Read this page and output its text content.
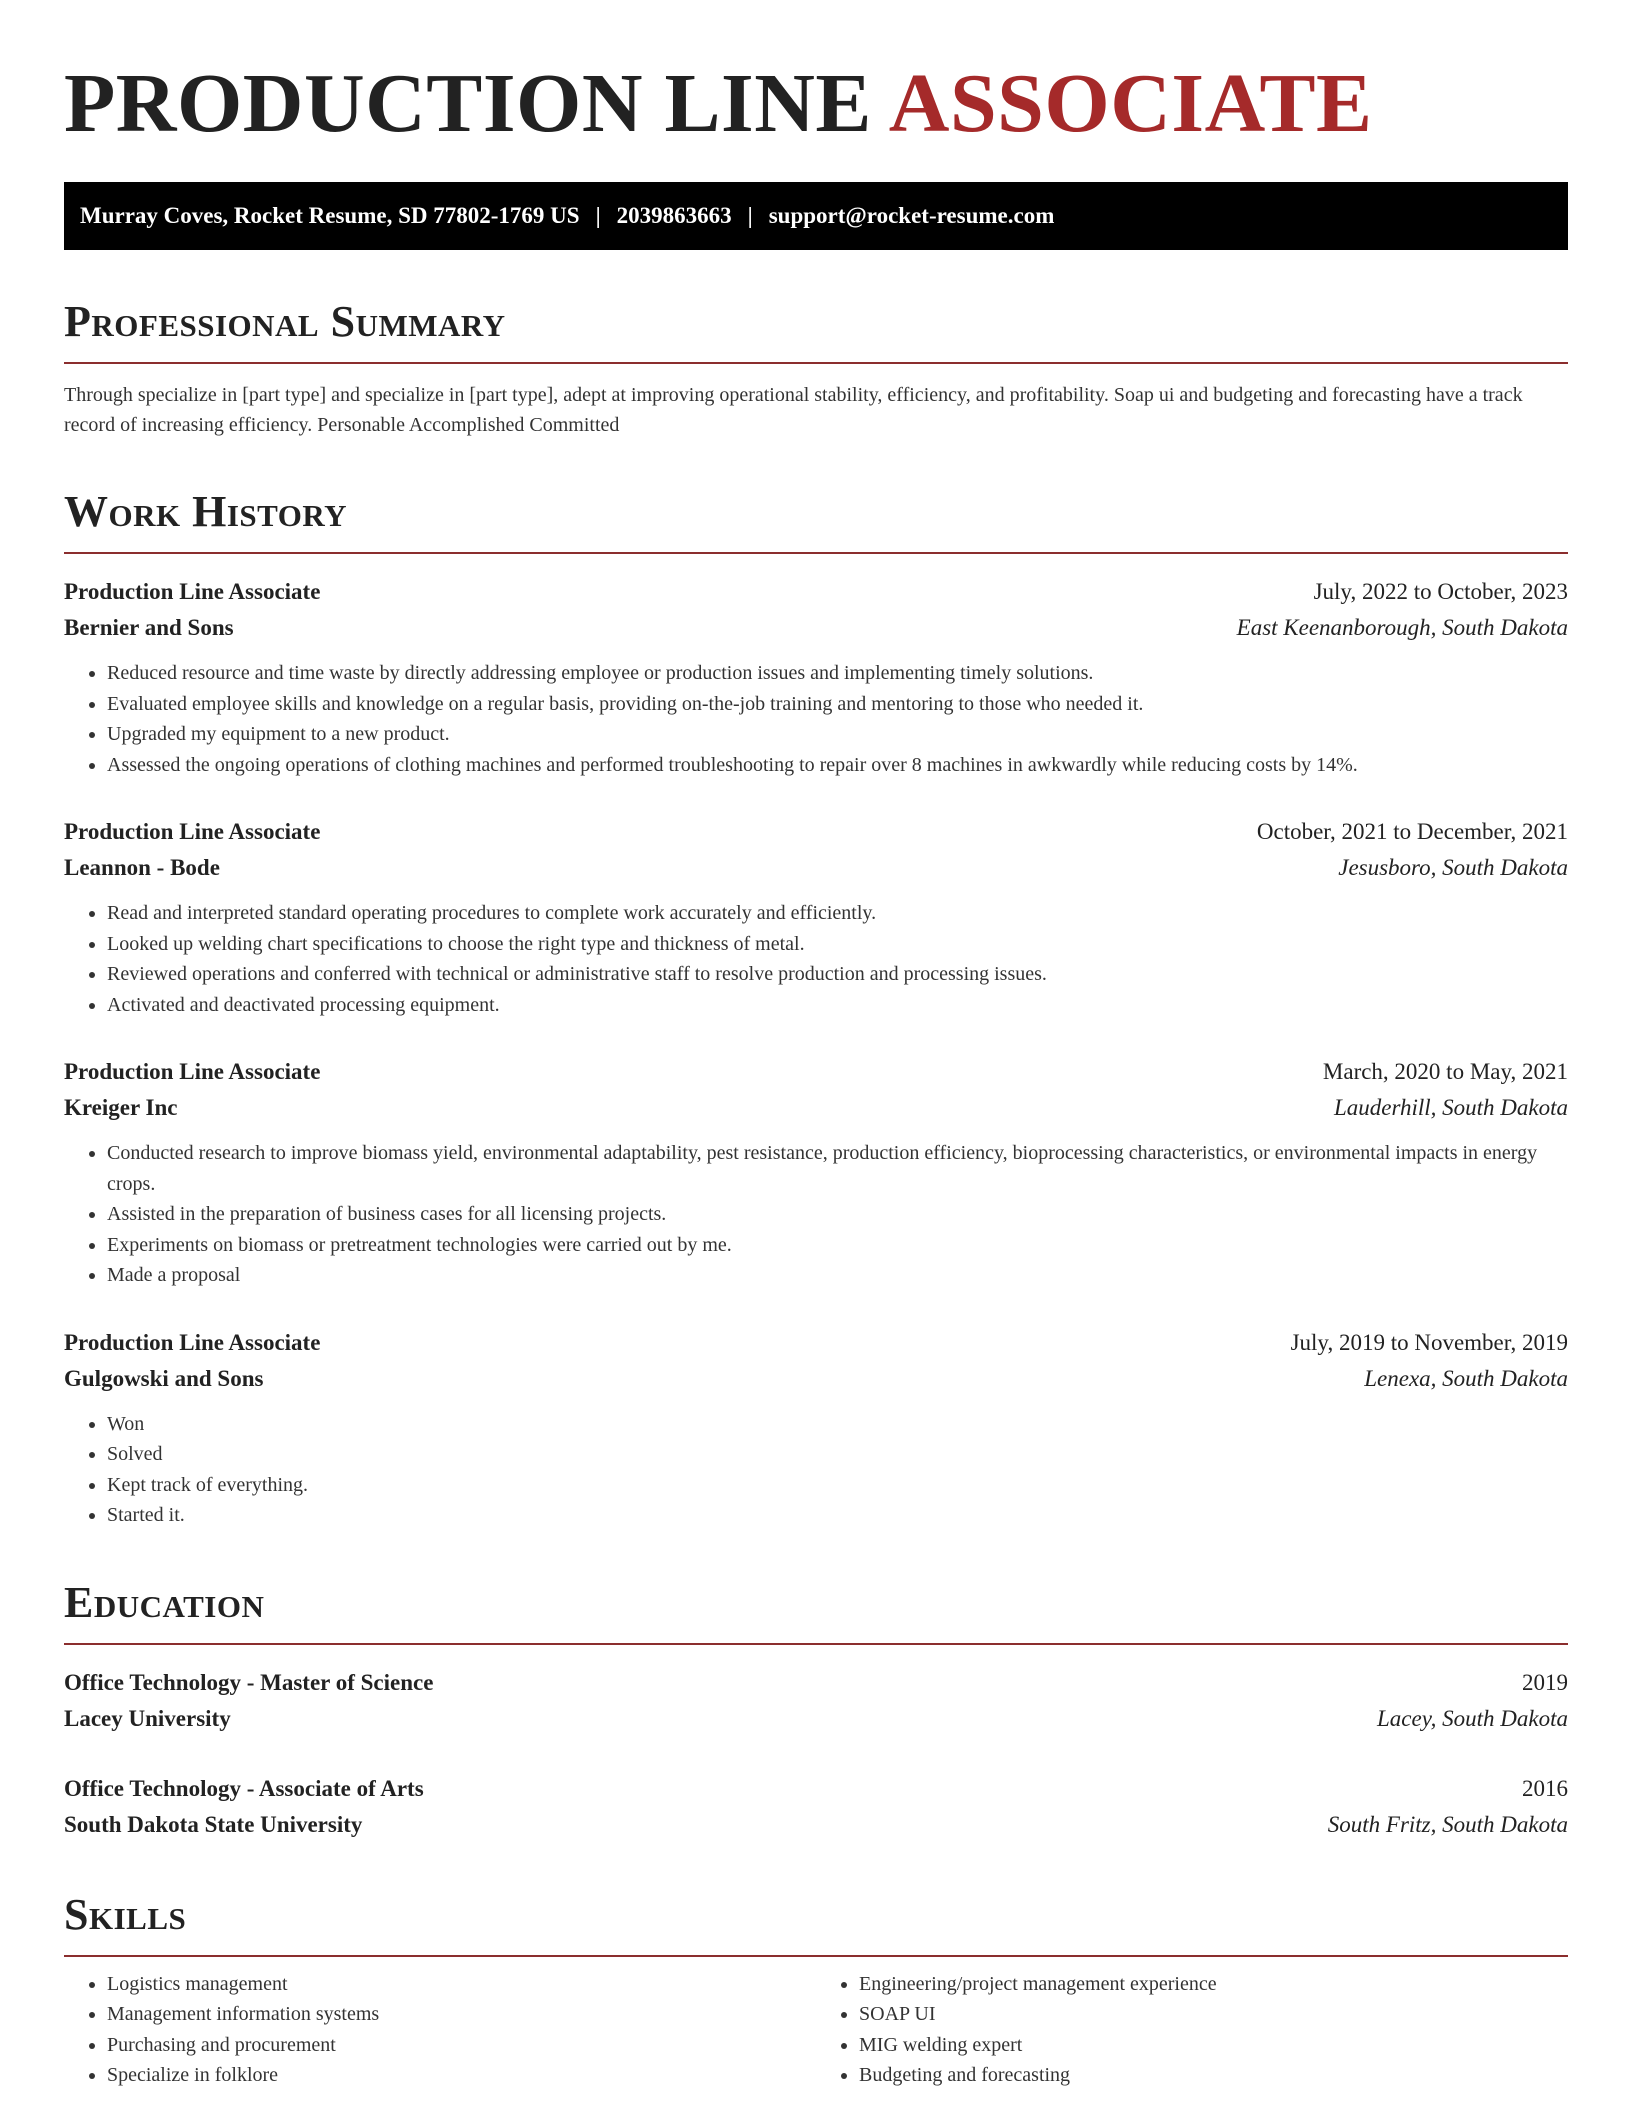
PRODUCTION LINE ASSOCIATE
Murray Coves, Rocket Resume, SD 77802-1769 US | 2039863663 | support@rocket-resume.com
Professional Summary

Through specialize in [part type] and specialize in [part type], adept at improving operational stability, efficiency, and profitability. Soap ui and budgeting and forecasting have a track record of increasing efficiency. Personable Accomplished Committed

Work History
Production Line Associate	July, 2022 to October, 2023
Bernier and Sons	East Keenanborough, South Dakota
• Reduced resource and time waste by directly addressing employee or production issues and implementing timely solutions.
• Evaluated employee skills and knowledge on a regular basis, providing on-the-job training and mentoring to those who needed it.
• Upgraded my equipment to a new product.
• Assessed the ongoing operations of clothing machines and performed troubleshooting to repair over 8 machines in awkwardly while reducing costs by 14%.
Production Line Associate	October, 2021 to December, 2021
Leannon - Bode	Jesusboro, South Dakota
• Read and interpreted standard operating procedures to complete work accurately and efficiently.
• Looked up welding chart specifications to choose the right type and thickness of metal.
• Reviewed operations and conferred with technical or administrative staff to resolve production and processing issues.
• Activated and deactivated processing equipment.
Production Line Associate	March, 2020 to May, 2021
Kreiger Inc	Lauderhill, South Dakota
• Conducted research to improve biomass yield, environmental adaptability, pest resistance, production efficiency, bioprocessing characteristics, or environmental impacts in energy crops.
• Assisted in the preparation of business cases for all licensing projects.
• Experiments on biomass or pretreatment technologies were carried out by me.
• Made a proposal
Production Line Associate	July, 2019 to November, 2019
Gulgowski and Sons	Lenexa, South Dakota
• Won
• Solved
• Kept track of everything.
• Started it.
Education
Office Technology - Master of Science	2019
Lacey University	Lacey, South Dakota
Office Technology - Associate of Arts	2016
South Dakota State University	South Fritz, South Dakota
Skills
• Logistics management
• Management information systems
• Purchasing and procurement
• Specialize in folklore
• Engineering/project management experience
• SOAP UI
• MIG welding expert
• Budgeting and forecasting
